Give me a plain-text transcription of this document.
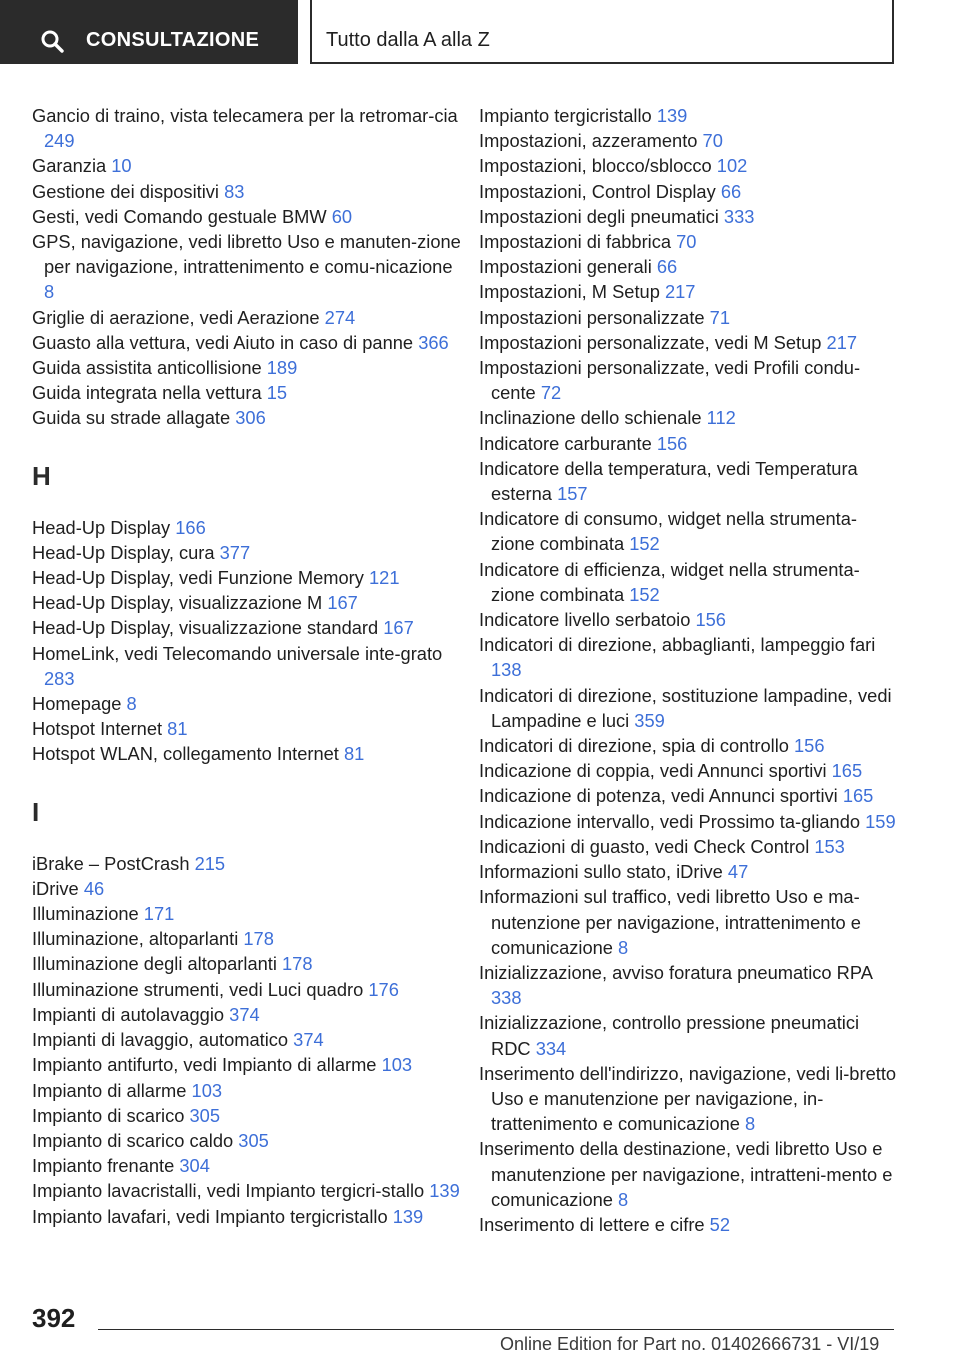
CONSULTAZIONE	Tutto dalla A alla Z
Gancio di traino, vista telecamera per la retromar-cia 249
Garanzia 10
Gestione dei dispositivi 83
Gesti, vedi Comando gestuale BMW 60
GPS, navigazione, vedi libretto Uso e manuten-zione per navigazione, intrattenimento e comu-nicazione 8
Griglie di aerazione, vedi Aerazione 274
Guasto alla vettura, vedi Aiuto in caso di panne 366
Guida assistita anticollisione 189
Guida integrata nella vettura 15
Guida su strade allagate 306
H
Head-Up Display 166
Head-Up Display, cura 377
Head-Up Display, vedi Funzione Memory 121
Head-Up Display, visualizzazione M 167
Head-Up Display, visualizzazione standard 167
HomeLink, vedi Telecomando universale inte-grato 283
Homepage 8
Hotspot Internet 81
Hotspot WLAN, collegamento Internet 81
I
iBrake – PostCrash 215
iDrive 46
Illuminazione 171
Illuminazione, altoparlanti 178
Illuminazione degli altoparlanti 178
Illuminazione strumenti, vedi Luci quadro 176
Impianti di autolavaggio 374
Impianti di lavaggio, automatico 374
Impianto antifurto, vedi Impianto di allarme 103
Impianto di allarme 103
Impianto di scarico 305
Impianto di scarico caldo 305
Impianto frenante 304
Impianto lavacristalli, vedi Impianto tergicri-stallo 139
Impianto lavafari, vedi Impianto tergicristallo 139
Impianto tergicristallo 139
Impostazioni, azzeramento 70
Impostazioni, blocco/sblocco 102
Impostazioni, Control Display 66
Impostazioni degli pneumatici 333
Impostazioni di fabbrica 70
Impostazioni generali 66
Impostazioni, M Setup 217
Impostazioni personalizzate 71
Impostazioni personalizzate, vedi M Setup 217
Impostazioni personalizzate, vedi Profili condu-cente 72
Inclinazione dello schienale 112
Indicatore carburante 156
Indicatore della temperatura, vedi Temperatura esterna 157
Indicatore di consumo, widget nella strumenta-zione combinata 152
Indicatore di efficienza, widget nella strumenta-zione combinata 152
Indicatore livello serbatoio 156
Indicatori di direzione, abbaglianti, lampeggio fari 138
Indicatori di direzione, sostituzione lampadine, vedi Lampadine e luci 359
Indicatori di direzione, spia di controllo 156
Indicazione di coppia, vedi Annunci sportivi 165
Indicazione di potenza, vedi Annunci sportivi 165
Indicazione intervallo, vedi Prossimo ta-gliando 159
Indicazioni di guasto, vedi Check Control 153
Informazioni sullo stato, iDrive 47
Informazioni sul traffico, vedi libretto Uso e ma-nutenzione per navigazione, intrattenimento e comunicazione 8
Inizializzazione, avviso foratura pneumatico RPA 338
Inizializzazione, controllo pressione pneumatici RDC 334
Inserimento dell'indirizzo, navigazione, vedi li-bretto Uso e manutenzione per navigazione, in-trattenimento e comunicazione 8
Inserimento della destinazione, vedi libretto Uso e manutenzione per navigazione, intratteni-mento e comunicazione 8
Inserimento di lettere e cifre 52
392
Online Edition for Part no. 01402666731 - VI/19
